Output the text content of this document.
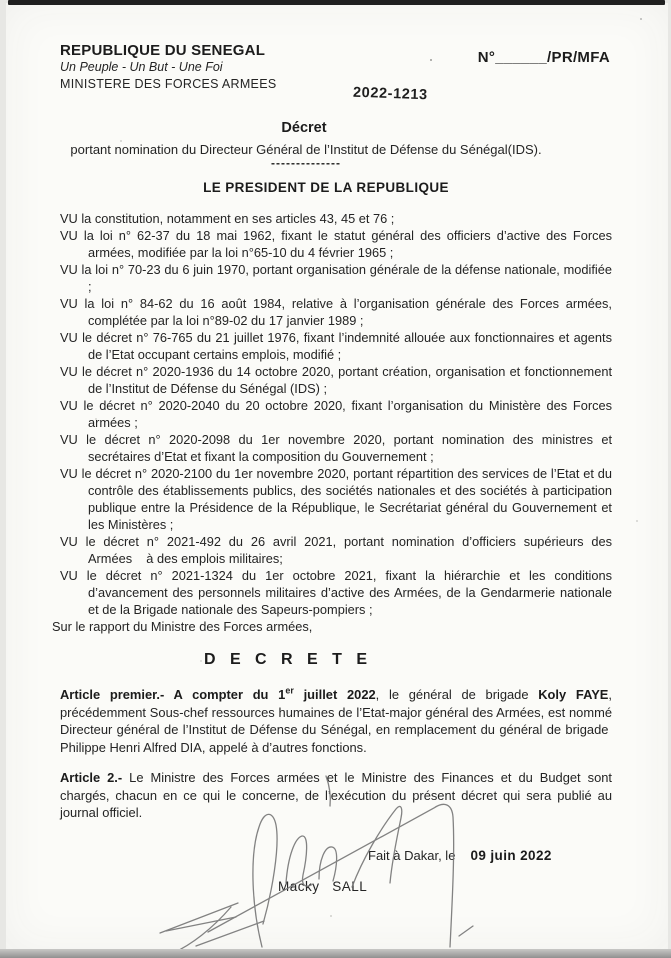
REPUBLIQUE DU SENEGAL
Un Peuple - Un But - Une Foi
MINISTERE DES FORCES ARMEES
N°______/PR/MFA
2022-1213
Décret
portant nomination du Directeur Général de l’Institut de Défense du Sénégal(IDS).
--------------
LE PRESIDENT DE LA REPUBLIQUE
VU la constitution, notamment en ses articles 43, 45 et 76 ;
VU la loi n° 62-37 du 18 mai 1962, fixant le statut général des officiers d’active des Forces armées, modifiée par la loi n°65-10 du 4 février 1965 ;
VU la loi n° 70-23 du 6 juin 1970, portant organisation générale de la défense nationale, modifiée ;
VU la loi n° 84-62 du 16 août 1984, relative à l’organisation générale des Forces armées, complétée par la loi n°89-02 du 17 janvier 1989 ;
VU le décret n° 76-765 du 21 juillet 1976, fixant l’indemnité allouée aux fonctionnaires et agents de l’Etat occupant certains emplois, modifié ;
VU le décret n° 2020-1936 du 14 octobre 2020, portant création, organisation et fonctionnement de l’Institut de Défense du Sénégal (IDS) ;
VU le décret n° 2020-2040 du 20 octobre 2020, fixant l’organisation du Ministère des Forces armées ;
VU le décret n° 2020-2098 du 1er novembre 2020, portant nomination des ministres et secrétaires d’Etat et fixant la composition du Gouvernement ;
VU le décret n° 2020-2100 du 1er novembre 2020, portant répartition des services de l’Etat et du contrôle des établissements publics, des sociétés nationales et des sociétés à participation publique entre la Présidence de la République, le Secrétariat général du Gouvernement et les Ministères ;
VU le décret n° 2021-492 du 26 avril 2021, portant nomination d’officiers supérieurs des Armées    à des emplois militaires;
VU le décret n° 2021-1324 du 1er octobre 2021, fixant la hiérarchie et les conditions d’avancement des personnels militaires d’active des Armées, de la Gendarmerie nationale et de la Brigade nationale des Sapeurs-pompiers ;
Sur le rapport du Ministre des Forces armées,
D E C R E T E

Article premier.- A compter du 1er juillet 2022, le général de brigade Koly FAYE, précédemment Sous-chef ressources humaines de l’Etat-major général des Armées, est nommé Directeur général de l’Institut de Défense du Sénégal, en remplacement du général de brigade  Philippe Henri Alfred DIA, appelé à d’autres fonctions.

Article 2.- Le Ministre des Forces armées et le Ministre des Finances et du Budget sont chargés, chacun en ce qui le concerne, de l’exécution du présent décret qui sera publié au journal officiel.

Fait à Dakar, le 09 juin 2022
Macky   SALL
